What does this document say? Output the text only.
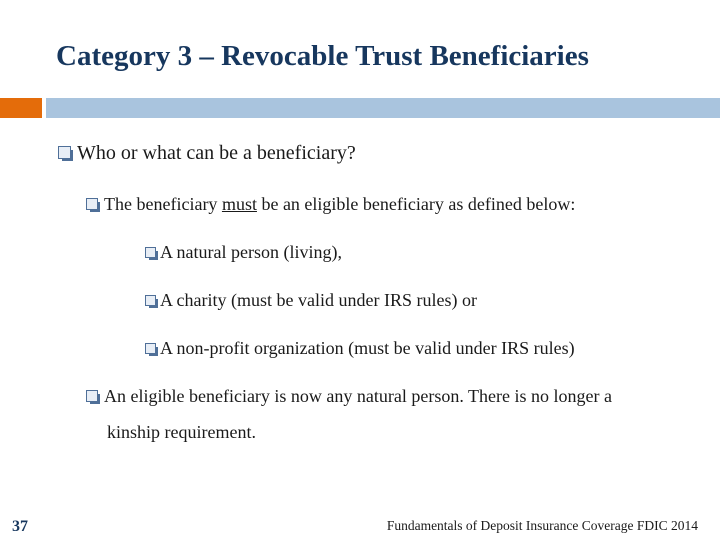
Category 3 – Revocable Trust Beneficiaries
Who or what can be a beneficiary?
The beneficiary must be an eligible beneficiary as defined below:
A natural person (living),
A charity (must be valid under IRS rules) or
A non-profit organization (must be valid under IRS rules)
An eligible beneficiary is now any natural person. There is no longer a
kinship requirement.
37	Fundamentals of Deposit Insurance Coverage FDIC 2014
